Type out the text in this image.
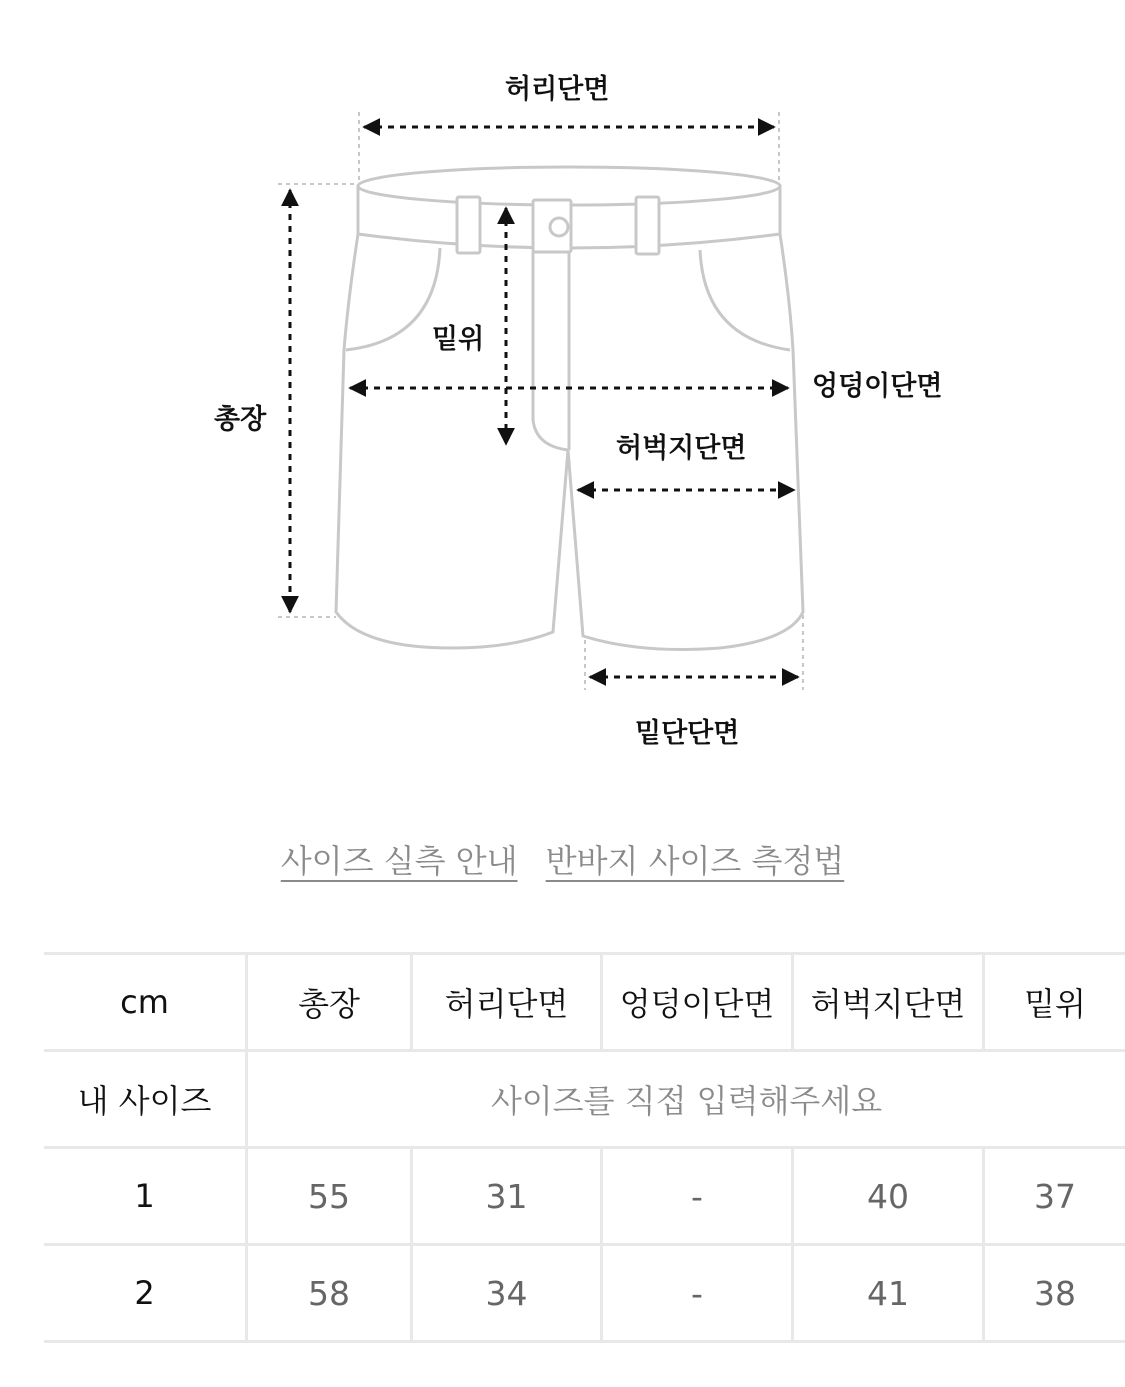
허리단면
밑위
엉덩이단면
총장
허벅지단면
밑단단면
사이즈 실측 안내 반바지 사이즈 측정법
cm	총장	허리단면	엉덩이단면	허벅지단면	밑위
내 사이즈	사이즈를 직접 입력해주세요				
1	55	31	-	40	37
2	58	34	-	41	38
